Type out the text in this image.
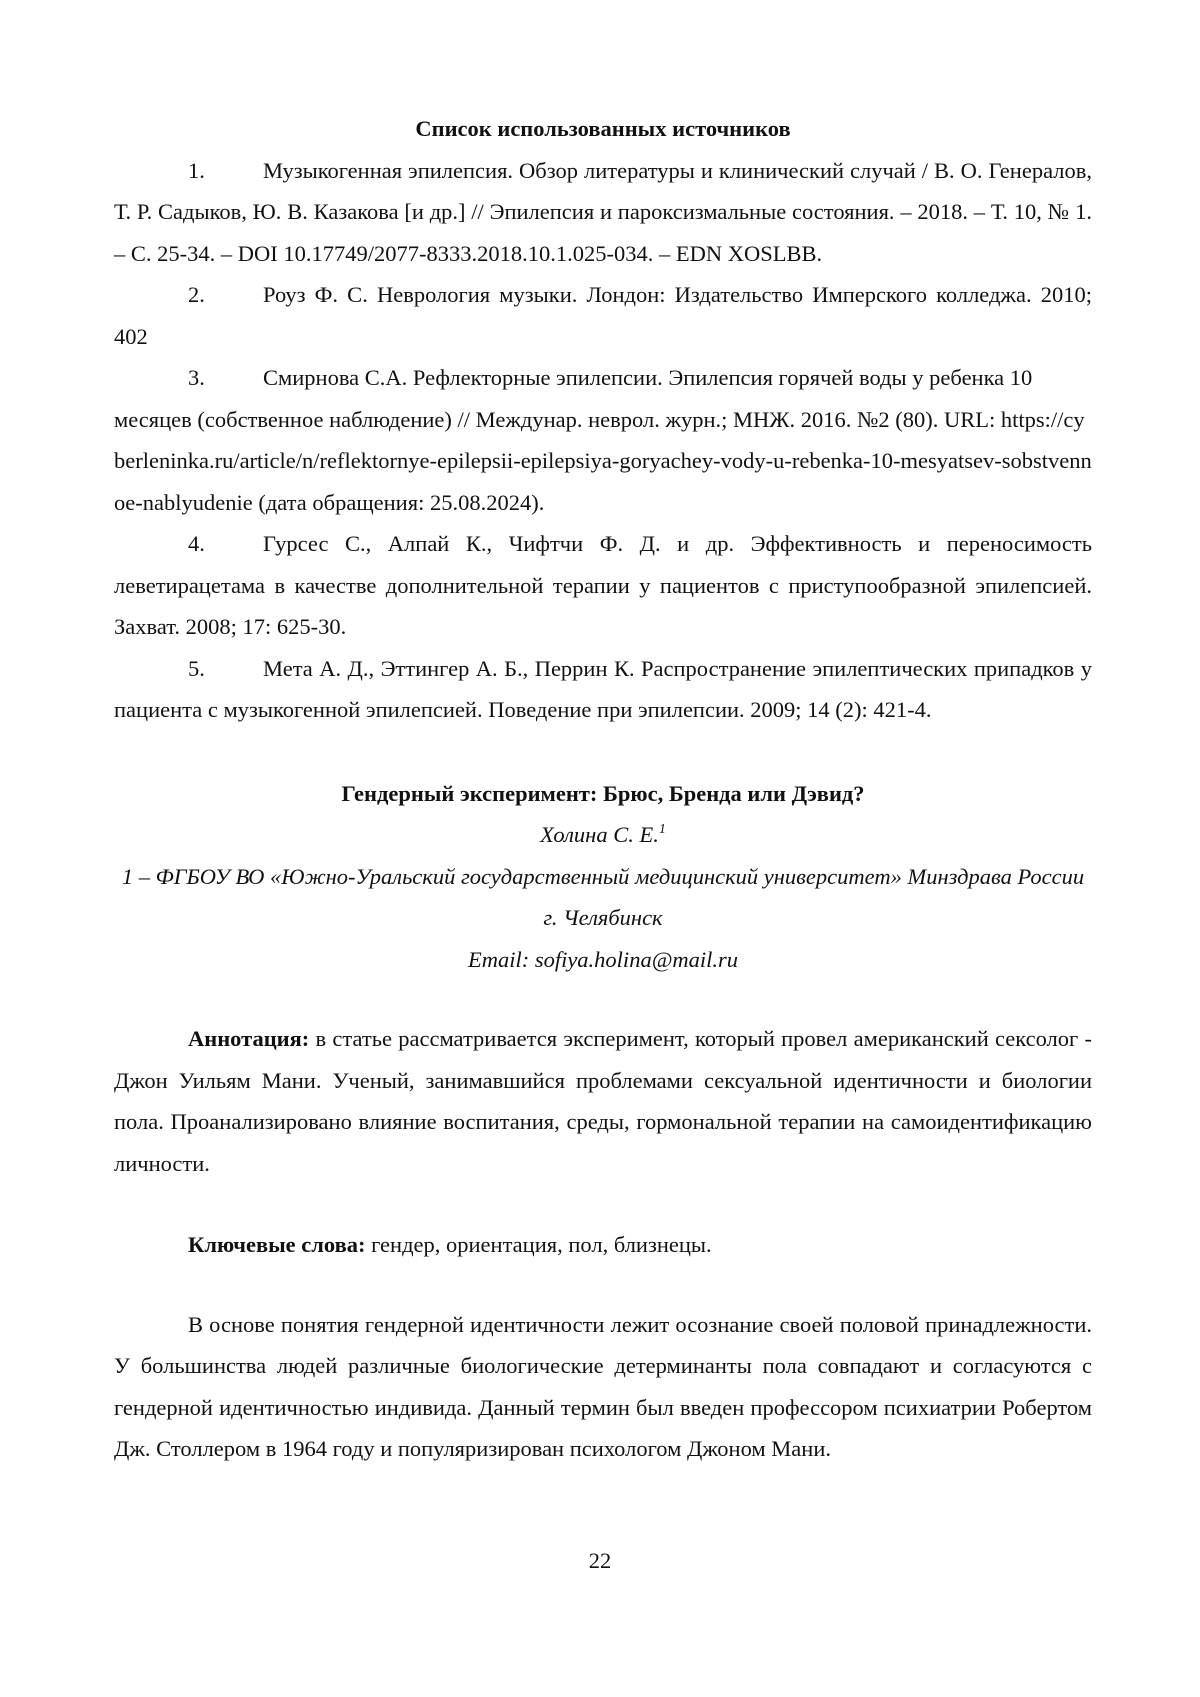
Список использованных источников

1.	Музыкогенная эпилепсия. Обзор литературы и клинический случай / В. О. Генералов, Т. Р. Садыков, Ю. В. Казакова [и др.] // Эпилепсия и пароксизмальные состояния. – 2018. – Т. 10, № 1. – С. 25-34. – DOI 10.17749/2077-8333.2018.10.1.025-034. – EDN XOSLBB.

2.	Роуз Ф. С. Неврология музыки. Лондон: Издательство Имперского колледжа. 2010; 402

3.	Смирнова С.А. Рефлекторные эпилепсии. Эпилепсия горячей воды у ребенка 10 месяцев (собственное наблюдение) // Междунар. неврол. журн.; МНЖ. 2016. №2 (80). URL: https://cyberleninka.ru/article/n/reflektornye-epilepsii-epilepsiya-goryachey-vody-u-rebenka-10-mesyatsev-sobstvennoe-nablyudenie (дата обращения: 25.08.2024).

4.	Гурсес С., Алпай К., Чифтчи Ф. Д. и др. Эффективность и переносимость леветирацетама в качестве дополнительной терапии у пациентов с приступообразной эпилепсией. Захват. 2008; 17: 625-30.

5.	Мета А. Д., Эттингер А. Б., Перрин К. Распространение эпилептических припадков у пациента с музыкогенной эпилепсией. Поведение при эпилепсии. 2009; 14 (2): 421-4.

Гендерный эксперимент: Брюс, Бренда или Дэвид?

Холина С. Е.$^1$

1 – ФГБОУ ВО «Южно-Уральский государственный медицинский университет» Минздрава России г. Челябинск

Email: sofiya.holina@mail.ru

Аннотация: в статье рассматривается эксперимент, который провел американский сексолог - Джон Уильям Мани. Ученый, занимавшийся проблемами сексуальной идентичности и биологии пола. Проанализировано влияние воспитания, среды, гормональной терапии на самоидентификацию личности.

Ключевые слова: гендер, ориентация, пол, близнецы.

В основе понятия гендерной идентичности лежит осознание своей половой принадлежности. У большинства людей различные биологические детерминанты пола совпадают и согласуются с гендерной идентичностью индивида. Данный термин был введен профессором психиатрии Робертом Дж. Столлером в 1964 году и популяризирован психологом Джоном Мани.

22
